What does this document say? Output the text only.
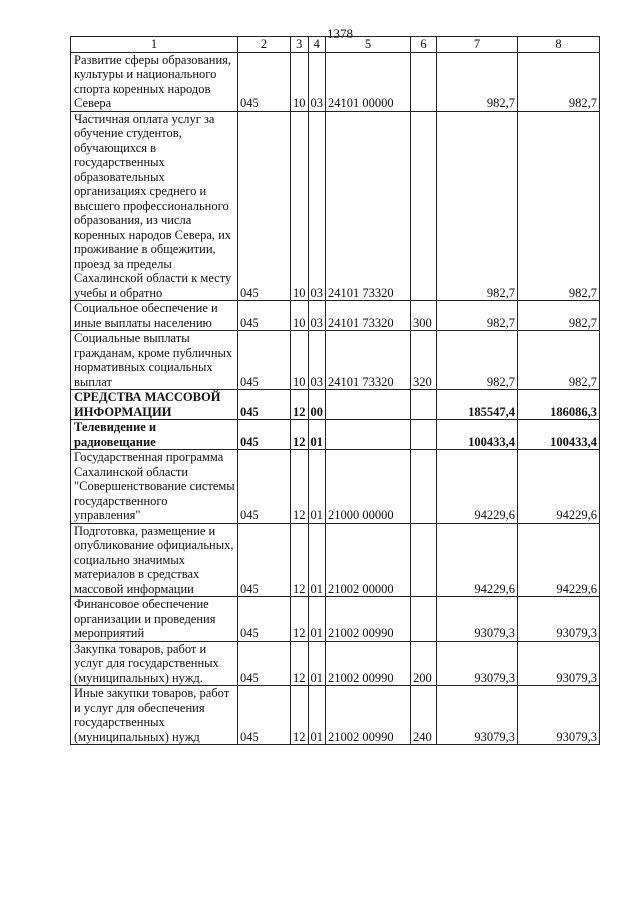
1378
1	2	3	4	5	6	7	8
Развитие сферы образования, культуры и национального спорта коренных народов Севера	045	10	03	24101 00000		982,7	982,7
Частичная оплата услуг за обучение студентов, обучающихся в государственных образовательных организациях среднего и высшего профессионального образования, из числа коренных народов Севера, их проживание в общежитии, проезд за пределы Сахалинской области к месту учебы и обратно	045	10	03	24101 73320		982,7	982,7
Социальное обеспечение и иные выплаты населению	045	10	03	24101 73320	300	982,7	982,7
Социальные выплаты гражданам, кроме публичных нормативных социальных выплат	045	10	03	24101 73320	320	982,7	982,7
СРЕДСТВА МАССОВОЙ ИНФОРМАЦИИ	045	12	00			185547,4	186086,3
Телевидение и радиовещание	045	12	01			100433,4	100433,4
Государственная программа Сахалинской области "Совершенствование системы государственного управления"	045	12	01	21000 00000		94229,6	94229,6
Подготовка, размещение и опубликование официальных, социально значимых материалов в средствах массовой информации	045	12	01	21002 00000		94229,6	94229,6
Финансовое обеспечение организации и проведения мероприятий	045	12	01	21002 00990		93079,3	93079,3
Закупка товаров, работ и услуг для государственных (муниципальных) нужд.	045	12	01	21002 00990	200	93079,3	93079,3
Иные закупки товаров, работ и услуг для обеспечения государственных (муниципальных) нужд	045	12	01	21002 00990	240	93079,3	93079,3
